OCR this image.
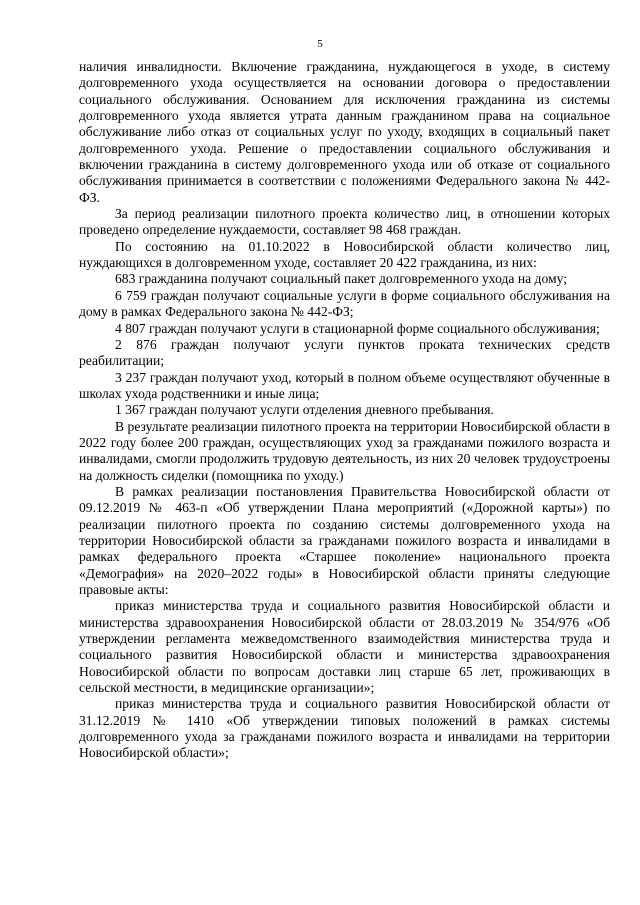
5

наличия инвалидности. Включение гражданина, нуждающегося в уходе, в систему долговременного ухода осуществляется на основании договора о предоставлении социального обслуживания. Основанием для исключения гражданина из системы долговременного ухода является утрата данным гражданином права на социальное обслуживание либо отказ от социальных услуг по уходу, входящих в социальный пакет долговременного ухода. Решение о предоставлении социального обслуживания и включении гражданина в систему долговременного ухода или об отказе от социального обслуживания принимается в соответствии с положениями Федерального закона № 442-ФЗ.

За период реализации пилотного проекта количество лиц, в отношении которых проведено определение нуждаемости, составляет 98 468 граждан.

По состоянию на 01.10.2022 в Новосибирской области количество лиц, нуждающихся в долговременном уходе, составляет 20 422 гражданина, из них:

683 гражданина получают социальный пакет долговременного ухода на дому;

6 759 граждан получают социальные услуги в форме социального обслуживания на дому в рамках Федерального закона № 442-ФЗ;

4 807 граждан получают услуги в стационарной форме социального обслуживания;

2 876 граждан получают услуги пунктов проката технических средств реабилитации;

3 237 граждан получают уход, который в полном объеме осуществляют обученные в школах ухода родственники и иные лица;

1 367 граждан получают услуги отделения дневного пребывания.

В результате реализации пилотного проекта на территории Новосибирской области в 2022 году более 200 граждан, осуществляющих уход за гражданами пожилого возраста и инвалидами, смогли продолжить трудовую деятельность, из них 20 человек трудоустроены на должность сиделки (помощника по уходу.)

В рамках реализации постановления Правительства Новосибирской области от 09.12.2019 № 463-п «Об утверждении Плана мероприятий («Дорожной карты») по реализации пилотного проекта по созданию системы долговременного ухода на территории Новосибирской области за гражданами пожилого возраста и инвалидами в рамках федерального проекта «Старшее поколение» национального проекта «Демография» на 2020–2022 годы» в Новосибирской области приняты следующие правовые акты:

приказ министерства труда и социального развития Новосибирской области и министерства здравоохранения Новосибирской области от 28.03.2019 № 354/976 «Об утверждении регламента межведомственного взаимодействия министерства труда и социального развития Новосибирской области и министерства здравоохранения Новосибирской области по вопросам доставки лиц старше 65 лет, проживающих в сельской местности, в медицинские организации»;

приказ министерства труда и социального развития Новосибирской области от 31.12.2019 № 1410 «Об утверждении типовых положений в рамках системы долговременного ухода за гражданами пожилого возраста и инвалидами на территории Новосибирской области»;
